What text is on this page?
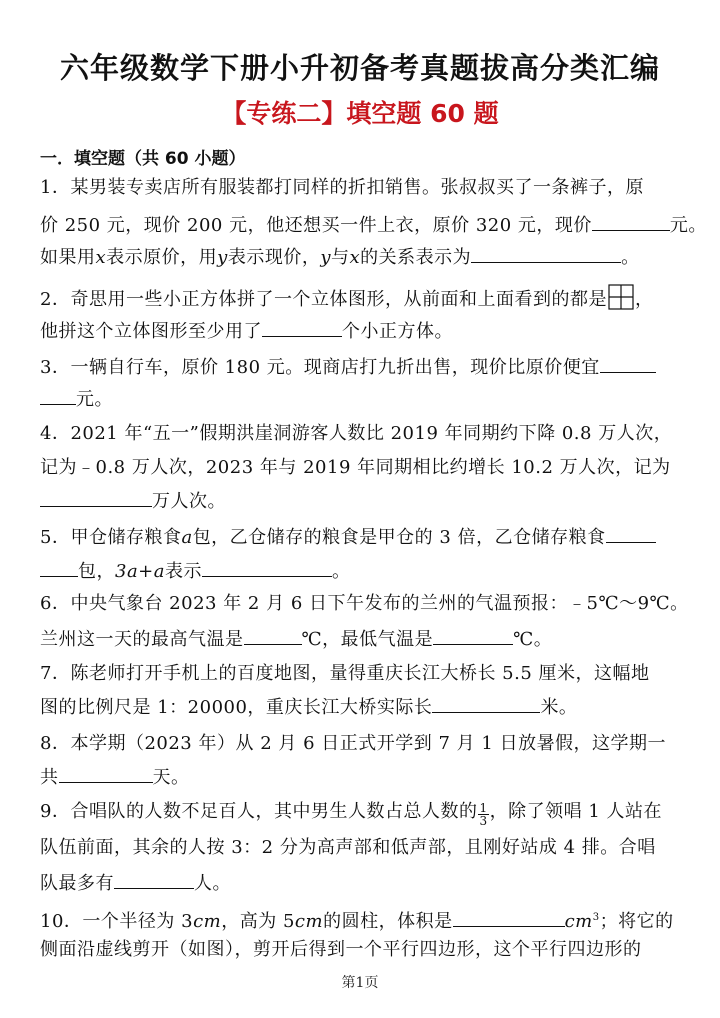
六年级数学下册小升初备考真题拔高分类汇编
【专练二】填空题 60 题
一．填空题（共 60 小题）
1．某男装专卖店所有服装都打同样的折扣销售。张叔叔买了一条裤子，原
价 250 元，现价 200 元，他还想买一件上衣，原价 320 元，现价	元。
如果用x表示原价，用y表示现价，y与x的关系表示为	。
2．奇思用一些小正方体拼了一个立体图形，从前面和上面看到的都是 ，
他拼这个立体图形至少用了	个小正方体。
3．一辆自行车，原价 180 元。现商店打九折出售，现价比原价便宜
元。
4．2021 年“五一”假期洪崖洞游客人数比 2019 年同期约下降 0.8 万人次，
记为﹣0.8 万人次，2023 年与 2019 年同期相比约增长 10.2 万人次，记为
万人次。
5．甲仓储存粮食a包，乙仓储存的粮食是甲仓的 3 倍，乙仓储存粮食
包，3a+a表示	。
6．中央气象台 2023 年 2 月 6 日下午发布的兰州的气温预报：﹣5℃～9℃。
兰州这一天的最高气温是	℃，最低气温是	℃。
7．陈老师打开手机上的百度地图，量得重庆长江大桥长 5.5 厘米，这幅地
图的比例尺是 1：20000，重庆长江大桥实际长	米。
8．本学期（2023 年）从 2 月 6 日正式开学到 7 月 1 日放暑假，这学期一
共	天。
9．合唱队的人数不足百人，其中男生人数占总人数的 $\frac{1}{3}$ ，除了领唱 1 人站在
队伍前面，其余的人按 3：2 分为高声部和低声部，且刚好站成 4 排。合唱
队最多有	人。
10．一个半径为 3cm，高为 5cm的圆柱，体积是	$cm^3$；将它的
侧面沿虚线剪开（如图），剪开后得到一个平行四边形，这个平行四边形的
第1页
